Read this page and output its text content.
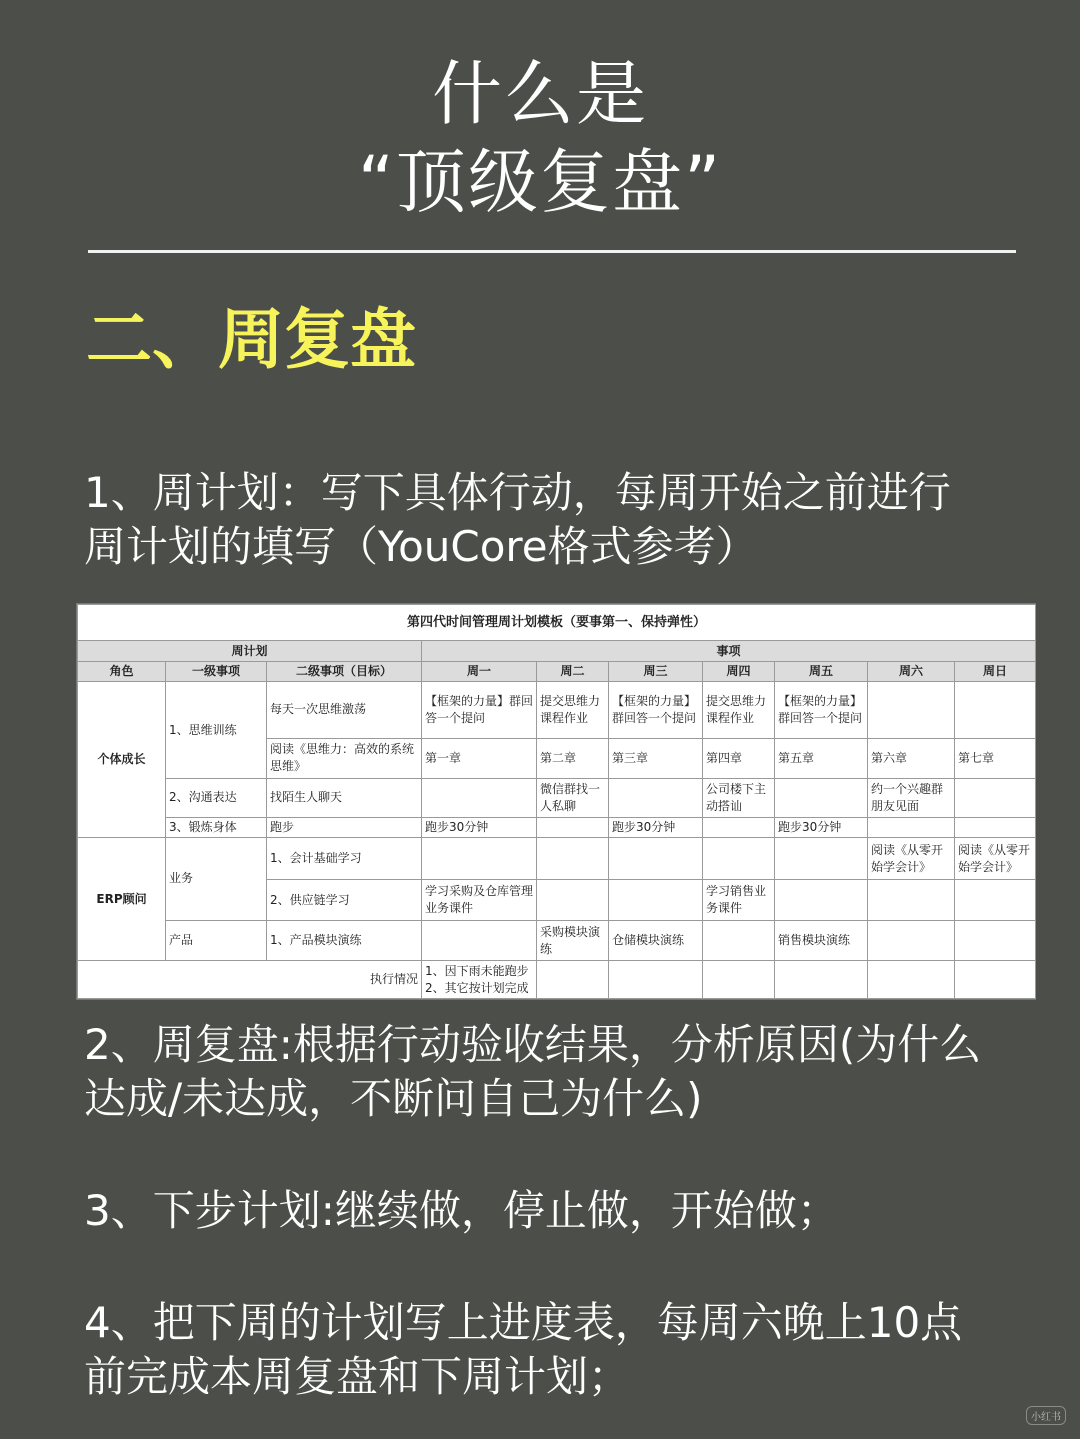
什么是
“顶级复盘”
二、周复盘
1、周计划：写下具体行动，每周开始之前进行
周计划的填写（YouCore格式参考）
第四代时间管理周计划模板（要事第一、保持弹性）									
周计划			事项						
角色	一级事项	二级事项（目标）	周一	周二	周三	周四	周五	周六	周日
个体成长	1、思维训练	每天一次思维激荡	【框架的力量】群回答一个提问	提交思维力课程作业	【框架的力量】群回答一个提问	提交思维力课程作业	【框架的力量】群回答一个提问		
		阅读《思维力：高效的系统思维》	第一章	第二章	第三章	第四章	第五章	第六章	第七章
	2、沟通表达	找陌生人聊天		微信群找一人私聊		公司楼下主动搭讪		约一个兴趣群朋友见面	
	3、锻炼身体	跑步	跑步30分钟		跑步30分钟		跑步30分钟		
ERP顾问	业务	1、会计基础学习						阅读《从零开始学会计》	阅读《从零开始学会计》
		2、供应链学习	学习采购及仓库管理业务课件			学习销售业务课件			
	产品	1、产品模块演练		采购模块演练	仓储模块演练		销售模块演练		
执行情况			1、因下雨未能跑步
2、其它按计划完成						

2、周复盘:根据行动验收结果，分析原因(为什么
达成/未达成，不断问自己为什么)
3、下步计划:继续做，停止做，开始做；
4、把下周的计划写上进度表，每周六晚上10点
前完成本周复盘和下周计划；
小红书
